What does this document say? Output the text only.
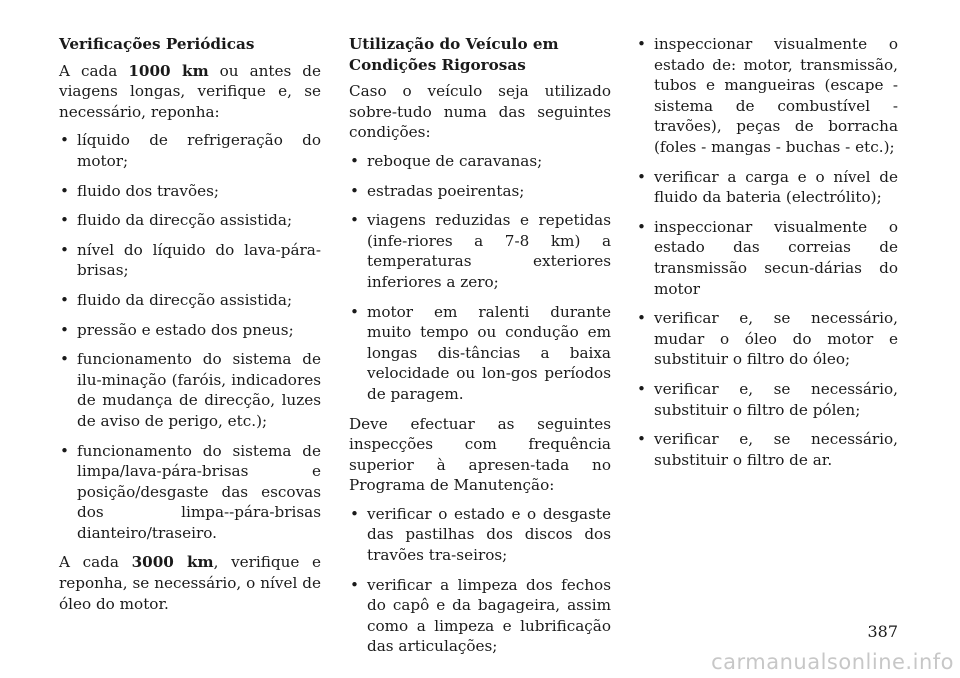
Verificações Periódicas

A cada 1000 km ou antes de viagens longas, verifique e, se necessário, reponha:

• líquido de refrigeração do motor;
• fluido dos travões;
• fluido da direcção assistida;
• nível do líquido do lava-pára-brisas;
• fluido da direcção assistida;
• pressão e estado dos pneus;
• funcionamento do sistema de ilu-minação (faróis, indicadores de mudança de direcção, luzes de aviso de perigo, etc.);
• funcionamento do sistema de limpa/lava-pára-brisas e posição/desgaste das escovas dos limpa--pára-brisas dianteiro/traseiro.

A cada 3000 km, verifique e reponha, se necessário, o nível de óleo do motor.

Utilização do Veículo em
Condições Rigorosas

Caso o veículo seja utilizado sobre-tudo numa das seguintes condições:

• reboque de caravanas;
• estradas poeirentas;
• viagens reduzidas e repetidas (infe-riores a 7-8 km) a temperaturas exteriores inferiores a zero;
• motor em ralenti durante muito tempo ou condução em longas dis-tâncias a baixa velocidade ou lon-gos períodos de paragem.

Deve efectuar as seguintes inspecções com frequência superior à apresen-tada no Programa de Manutenção:

• verificar o estado e o desgaste das pastilhas dos discos dos travões tra-seiros;
• verificar a limpeza dos fechos do capô e da bagageira, assim como a limpeza e lubrificação das articulações;
• inspeccionar visualmente o estado de: motor, transmissão, tubos e mangueiras (escape - sistema de combustível - travões), peças de borracha (foles - mangas - buchas - etc.);
• verificar a carga e o nível de fluido da bateria (electrólito);
• inspeccionar visualmente o estado das correias de transmissão secun-dárias do motor
• verificar e, se necessário, mudar o óleo do motor e substituir o filtro do óleo;
• verificar e, se necessário, substituir o filtro de pólen;
• verificar e, se necessário, substituir o filtro de ar.
387
carmanualsonline.info
